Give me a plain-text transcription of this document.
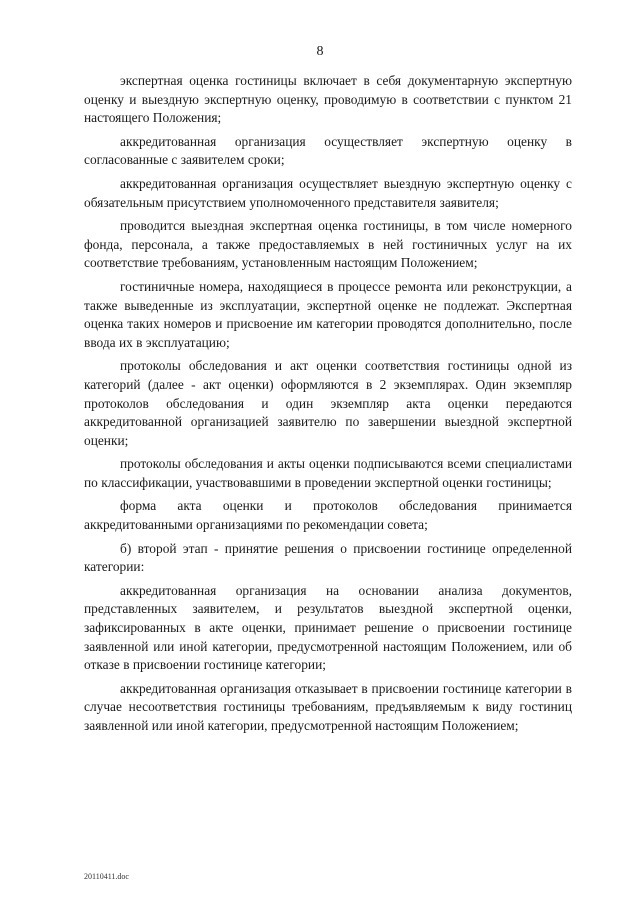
8

экспертная оценка гостиницы включает в себя документарную экспертную оценку и выездную экспертную оценку, проводимую в соответствии с пунктом 21 настоящего Положения;

аккредитованная организация осуществляет экспертную оценку в согласованные с заявителем сроки;

аккредитованная организация осуществляет выездную экспертную оценку с обязательным присутствием уполномоченного представителя заявителя;

проводится выездная экспертная оценка гостиницы, в том числе номерного фонда, персонала, а также предоставляемых в ней гостиничных услуг на их соответствие требованиям, установленным настоящим Положением;

гостиничные номера, находящиеся в процессе ремонта или реконструкции, а также выведенные из эксплуатации, экспертной оценке не подлежат. Экспертная оценка таких номеров и присвоение им категории проводятся дополнительно, после ввода их в эксплуатацию;

протоколы обследования и акт оценки соответствия гостиницы одной из категорий (далее - акт оценки) оформляются в 2 экземплярах. Один экземпляр протоколов обследования и один экземпляр акта оценки передаются аккредитованной организацией заявителю по завершении выездной экспертной оценки;

протоколы обследования и акты оценки подписываются всеми специалистами по классификации, участвовавшими в проведении экспертной оценки гостиницы;

форма акта оценки и протоколов обследования принимается аккредитованными организациями по рекомендации совета;

б) второй этап - принятие решения о присвоении гостинице определенной категории:

аккредитованная организация на основании анализа документов, представленных заявителем, и результатов выездной экспертной оценки, зафиксированных в акте оценки, принимает решение о присвоении гостинице заявленной или иной категории, предусмотренной настоящим Положением, или об отказе в присвоении гостинице категории;

аккредитованная организация отказывает в присвоении гостинице категории в случае несоответствия гостиницы требованиям, предъявляемым к виду гостиниц заявленной или иной категории, предусмотренной настоящим Положением;

20110411.doc
